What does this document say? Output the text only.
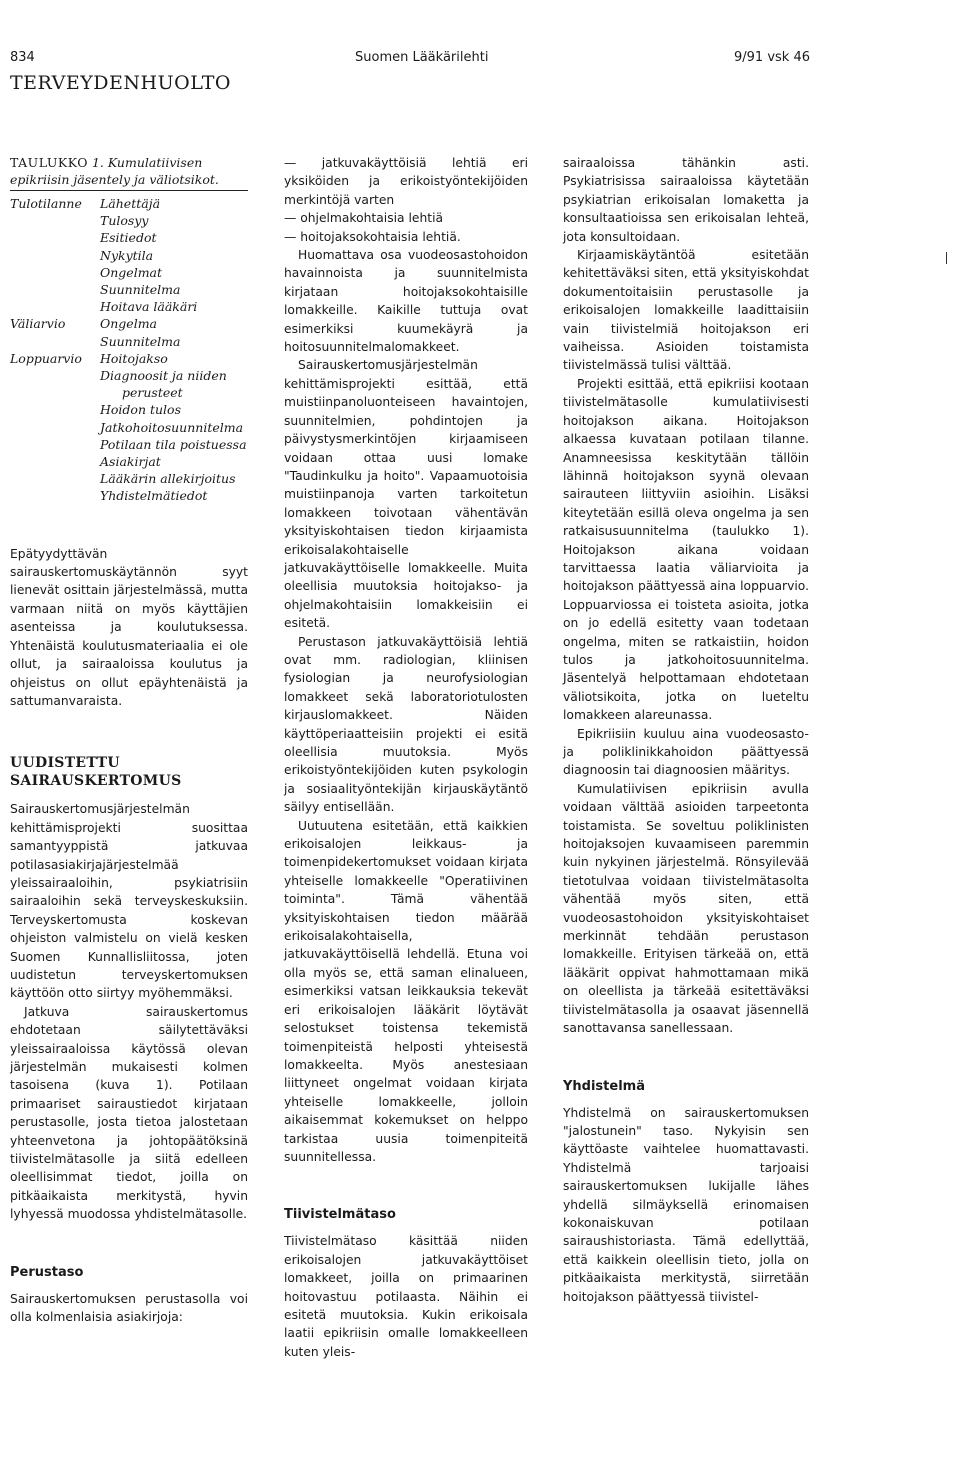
834	Suomen Lääkärilehti	9/91 vsk 46
TERVEYDENHUOLTO
TAULUKKO 1. Kumulatiivisen epikriisin jäsentely ja väliotsikot.
Tulotilanne	Lähettäjä
Tulosyy
Esitiedot
Nykytila
Ongelmat
Suunnitelma
Hoitava lääkäri
Väliarvio	Ongelma
Suunnitelma
Loppuarvio	Hoitojakso
Diagnoosit ja niiden
perusteet
Hoidon tulos
Jatkohoitosuunnitelma
Potilaan tila poistuessa
Asiakirjat
Lääkärin allekirjoitus
Yhdistelmätiedot

Epätyydyttävän sairauskertomuskäytännön syyt lienevät osittain järjestelmässä, mutta varmaan niitä on myös käyttäjien asenteissa ja koulutuksessa. Yhtenäistä koulutusmateriaalia ei ole ollut, ja sairaaloissa koulutus ja ohjeistus on ollut epäyhtenäistä ja sattumanvaraista.

UUDISTETTU
SAIRAUSKERTOMUS

Sairauskertomusjärjestelmän kehittämisprojekti suosittaa samantyyppistä jatkuvaa potilasasiakirjajärjestelmää yleissairaaloihin, psykiatrisiin sairaaloihin sekä terveyskeskuksiin. Terveyskertomusta koskevan ohjeiston valmistelu on vielä kesken Suomen Kunnallisliitossa, joten uudistetun terveyskertomuksen käyttöön otto siirtyy myöhemmäksi.

Jatkuva sairauskertomus ehdotetaan säilytettäväksi yleissairaaloissa käytössä olevan järjestelmän mukaisesti kolmen tasoisena (kuva 1). Potilaan primaariset sairaustiedot kirjataan perustasolle, josta tietoa jalostetaan yhteenvetona ja johtopäätöksinä tiivistelmätasolle ja siitä edelleen oleellisimmat tiedot, joilla on pitkäaikaista merkitystä, hyvin lyhyessä muodossa yhdistelmätasolle.

Perustaso

Sairauskertomuksen perustasolla voi olla kolmenlaisia asiakirjoja:

— jatkuvakäyttöisiä lehtiä eri yksiköiden ja erikoistyöntekijöiden merkintöjä varten

— ohjelmakohtaisia lehtiä

— hoitojaksokohtaisia lehtiä.

Huomattava osa vuodeosastohoidon havainnoista ja suunnitelmista kirjataan hoitojaksokohtaisille lomakkeille. Kaikille tuttuja ovat esimerkiksi kuumekäyrä ja hoitosuunnitelmalomakkeet.

Sairauskertomusjärjestelmän kehittämisprojekti esittää, että muistiinpanoluonteiseen havaintojen, suunnitelmien, pohdintojen ja päivystysmerkintöjen kirjaamiseen voidaan ottaa uusi lomake "Taudinkulku ja hoito". Vapaamuotoisia muistiinpanoja varten tarkoitetun lomakkeen toivotaan vähentävän yksityiskohtaisen tiedon kirjaamista erikoisalakohtaiselle jatkuvakäyttöiselle lomakkeelle. Muita oleellisia muutoksia hoitojakso- ja ohjelmakohtaisiin lomakkeisiin ei esitetä.

Perustason jatkuvakäyttöisiä lehtiä ovat mm. radiologian, kliinisen fysiologian ja neurofysiologian lomakkeet sekä laboratoriotulosten kirjauslomakkeet. Näiden käyttöperiaatteisiin projekti ei esitä oleellisia muutoksia. Myös erikoistyöntekijöiden kuten psykologin ja sosiaalityöntekijän kirjauskäytäntö säilyy entisellään.

Uutuutena esitetään, että kaikkien erikoisalojen leikkaus- ja toimenpidekertomukset voidaan kirjata yhteiselle lomakkeelle "Operatiivinen toiminta". Tämä vähentää yksityiskohtaisen tiedon määrää erikoisalakohtaisella, jatkuvakäyttöisellä lehdellä. Etuna voi olla myös se, että saman elinalueen, esimerkiksi vatsan leikkauksia tekevät eri erikoisalojen lääkärit löytävät selostukset toistensa tekemistä toimenpiteistä helposti yhteisestä lomakkeelta. Myös anestesiaan liittyneet ongelmat voidaan kirjata yhteiselle lomakkeelle, jolloin aikaisemmat kokemukset on helppo tarkistaa uusia toimenpiteitä suunnitellessa.

Tiivistelmätaso

Tiivistelmätaso käsittää niiden erikoisalojen jatkuvakäyttöiset lomakkeet, joilla on primaarinen hoitovastuu potilaasta. Näihin ei esitetä muutoksia. Kukin erikoisala laatii epikriisin omalle lomakkeelleen kuten yleis-

sairaaloissa tähänkin asti. Psykiatrisissa sairaaloissa käytetään psykiatrian erikoisalan lomaketta ja konsultaatioissa sen erikoisalan lehteä, jota konsultoidaan.

Kirjaamiskäytäntöä esitetään kehitettäväksi siten, että yksityiskohdat dokumentoitaisiin perustasolle ja erikoisalojen lomakkeille laadittaisiin vain tiivistelmiä hoitojakson eri vaiheissa. Asioiden toistamista tiivistelmässä tulisi välttää.

Projekti esittää, että epikriisi kootaan tiivistelmätasolle kumulatiivisesti hoitojakson aikana. Hoitojakson alkaessa kuvataan potilaan tilanne. Anamneesissa keskitytään tällöin lähinnä hoitojakson syynä olevaan sairauteen liittyviin asioihin. Lisäksi kiteytetään esillä oleva ongelma ja sen ratkaisusuunnitelma (taulukko 1). Hoitojakson aikana voidaan tarvittaessa laatia väliarvioita ja hoitojakson päättyessä aina loppuarvio. Loppuarviossa ei toisteta asioita, jotka on jo edellä esitetty vaan todetaan ongelma, miten se ratkaistiin, hoidon tulos ja jatkohoitosuunnitelma. Jäsentelyä helpottamaan ehdotetaan väliotsikoita, jotka on lueteltu lomakkeen alareunassa.

Epikriisiin kuuluu aina vuodeosasto- ja poliklinikkahoidon päättyessä diagnoosin tai diagnoosien määritys.

Kumulatiivisen epikriisin avulla voidaan välttää asioiden tarpeetonta toistamista. Se soveltuu poliklinisten hoitojaksojen kuvaamiseen paremmin kuin nykyinen järjestelmä. Rönsyilevää tietotulvaa voidaan tiivistelmätasolta vähentää myös siten, että vuodeosastohoidon yksityiskohtaiset merkinnät tehdään perustason lomakkeille. Erityisen tärkeää on, että lääkärit oppivat hahmottamaan mikä on oleellista ja tärkeää esitettäväksi tiivistelmätasolla ja osaavat jäsennellä sanottavansa sanellessaan.

Yhdistelmä

Yhdistelmä on sairauskertomuksen "jalostunein" taso. Nykyisin sen käyttöaste vaihtelee huomattavasti. Yhdistelmä tarjoaisi sairauskertomuksen lukijalle lähes yhdellä silmäyksellä erinomaisen kokonaiskuvan potilaan sairaushistoriasta. Tämä edellyttää, että kaikkein oleellisin tieto, jolla on pitkäaikaista merkitystä, siirretään hoitojakson päättyessä tiivistel-
